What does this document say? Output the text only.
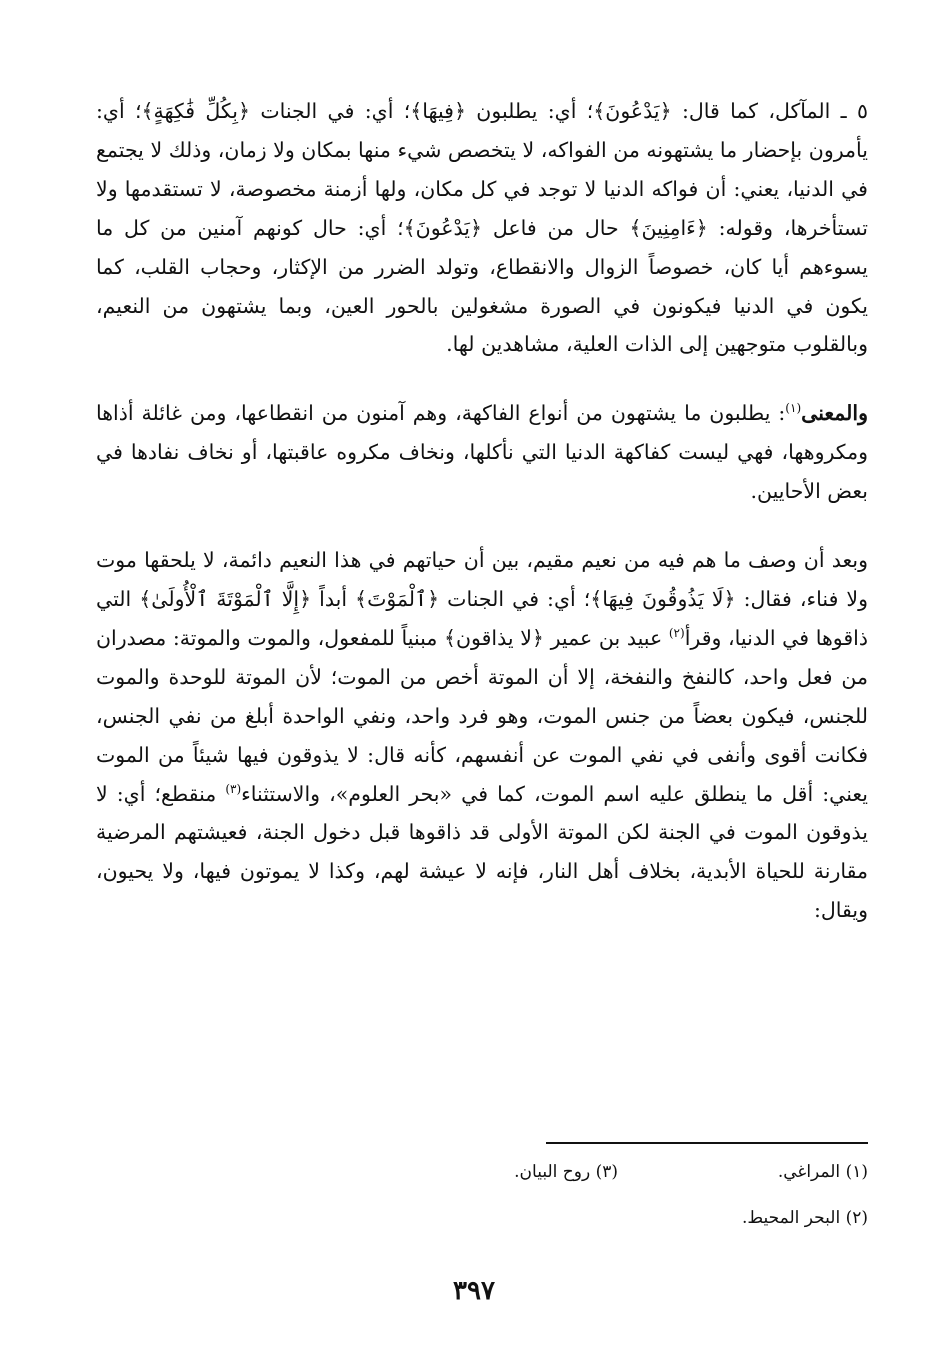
٥ ـ المآكل، كما قال: ﴿يَدْعُونَ﴾؛ أي: يطلبون ﴿فِيهَا﴾؛ أي: في الجنات ﴿بِكُلِّ فَٰكِهَةٍ﴾؛ أي: يأمرون بإحضار ما يشتهونه من الفواكه، لا يتخصص شيء منها بمكان ولا زمان، وذلك لا يجتمع في الدنيا، يعني: أن فواكه الدنيا لا توجد في كل مكان، ولها أزمنة مخصوصة، لا تستقدمها ولا تستأخرها، وقوله: ﴿ءَامِنِينَ﴾ حال من فاعل ﴿يَدْعُونَ﴾؛ أي: حال كونهم آمنين من كل ما يسوءهم أيا كان، خصوصاً الزوال والانقطاع، وتولد الضرر من الإكثار، وحجاب القلب، كما يكون في الدنيا فيكونون في الصورة مشغولين بالحور العين، وبما يشتهون من النعيم، وبالقلوب متوجهين إلى الذات العلية، مشاهدين لها.

والمعنى$^{(١)}$: يطلبون ما يشتهون من أنواع الفاكهة، وهم آمنون من انقطاعها، ومن غائلة أذاها ومكروهها، فهي ليست كفاكهة الدنيا التي نأكلها، ونخاف مكروه عاقبتها، أو نخاف نفادها في بعض الأحايين.

وبعد أن وصف ما هم فيه من نعيم مقيم، بين أن حياتهم في هذا النعيم دائمة، لا يلحقها موت ولا فناء، فقال: ﴿لَا يَذُوقُونَ فِيهَا﴾؛ أي: في الجنات ﴿ٱلْمَوْتَ﴾ أبداً ﴿إِلَّا ٱلْمَوْتَةَ ٱلْأُولَىٰ﴾ التي ذاقوها في الدنيا، وقرأ$^{(٢)}$ عبيد بن عمير ﴿لا يذاقون﴾ مبنياً للمفعول، والموت والموتة: مصدران من فعل واحد، كالنفخ والنفخة، إلا أن الموتة أخص من الموت؛ لأن الموتة للوحدة والموت للجنس، فيكون بعضاً من جنس الموت، وهو فرد واحد، ونفي الواحدة أبلغ من نفي الجنس، فكانت أقوى وأنفى في نفي الموت عن أنفسهم، كأنه قال: لا يذوقون فيها شيئاً من الموت يعني: أقل ما ينطلق عليه اسم الموت، كما في «بحر العلوم»، والاستثناء$^{(٣)}$ منقطع؛ أي: لا يذوقون الموت في الجنة لكن الموتة الأولى قد ذاقوها قبل دخول الجنة، فعيشتهم المرضية مقارنة للحياة الأبدية، بخلاف أهل النار، فإنه لا عيشة لهم، وكذا لا يموتون فيها، ولا يحيون، ويقال:

(١) المراغي.
(٣) روح البيان.
(٢) البحر المحيط.
٣٩٧
